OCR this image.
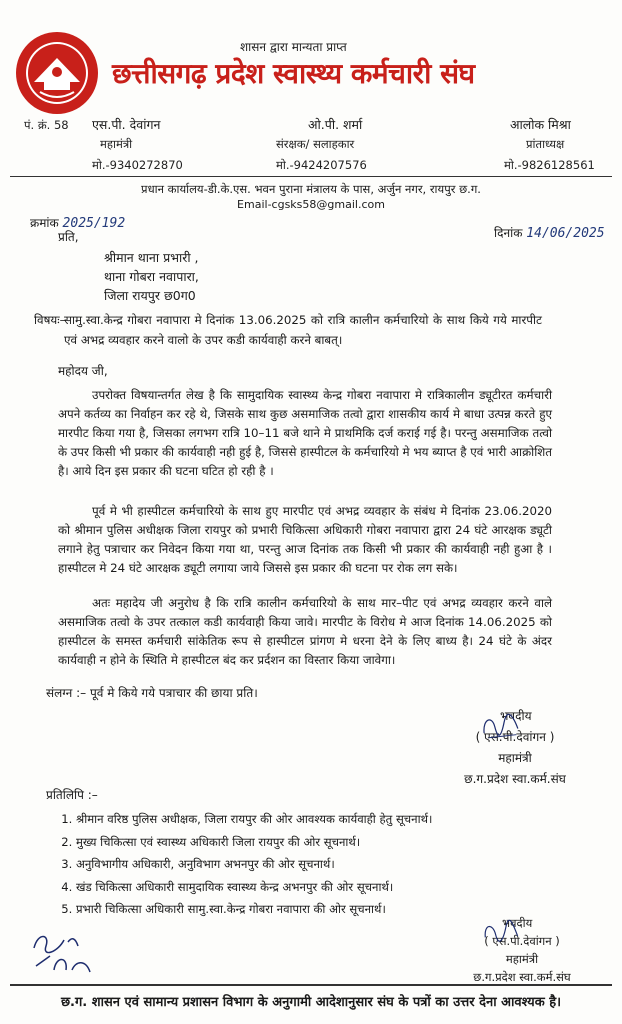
शासन द्वारा मान्यता प्राप्त
छत्तीसगढ़ प्रदेश स्वास्थ्य कर्मचारी संघ
पं. क्रं. 58 एस.पी. देवांगन
महामंत्री
मो.-9340272870
ओ.पी. शर्मा
संरक्षक/ सलाहकार
मो.-9424207576
आलोक मिश्रा
प्रांताध्यक्ष
मो.-9826128561
प्रधान कार्यालय-डी.के.एस. भवन पुराना मंत्रालय के पास, अर्जुन नगर, रायपुर छ.ग.
Email-cgsks58@gmail.com
क्रमांक 2025/192
प्रति,	दिनांक 14/06/2025
श्रीमान थाना प्रभारी ,
थाना गोबरा नवापारा,
जिला रायपुर छ0ग0
विषयः–
सामु.स्वा.केन्द्र गोबरा नवापारा मे दिनांक 13.06.2025 को रात्रि कालीन कर्मचारियो के साथ किये गये मारपीट एवं अभद्र व्यवहार करने वालो के उपर कडी कार्यवाही करने बाबत्।
महोदय जी,
उपरोक्त विषयान्तर्गत लेख है कि सामुदायिक स्वास्थ्य केन्द्र गोबरा नवापारा मे रात्रिकालीन ड्यूटीरत कर्मचारी अपने कर्तव्य का निर्वाहन कर रहे थे, जिसके साथ कुछ असमाजिक तत्वो द्वारा शासकीय कार्य मे बाधा उत्पन्न करते हुए मारपीट किया गया है, जिसका लगभग रात्रि 10–11 बजे थाने मे प्राथमिकि दर्ज कराई गई है। परन्तु असमाजिक तत्वो के उपर किसी भी प्रकार की कार्यवाही नही हुई है, जिससे हास्पीटल के कर्मचारियो मे भय ब्याप्त है एवं भारी आक्रोशित है। आये दिन इस प्रकार की घटना घटित हो रही है ।
पूर्व मे भी हास्पीटल कर्मचारियो के साथ हुए मारपीट एवं अभद्र व्यवहार के संबंध मे दिनांक 23.06.2020 को श्रीमान पुलिस अधीक्षक जिला रायपुर को प्रभारी चिकित्सा अधिकारी गोबरा नवापारा द्वारा 24 घंटे आरक्षक ड्यूटी लगाने हेतु पत्राचार कर निवेदन किया गया था, परन्तु आज दिनांक तक किसी भी प्रकार की कार्यवाही नही हुआ है । हास्पीटल मे 24 घंटे आरक्षक ड्यूटी लगाया जाये जिससे इस प्रकार की घटना पर रोक लग सके।
अतः महादेय जी अनुरोध है कि रात्रि कालीन कर्मचारियो के साथ मार–पीट एवं अभद्र व्यवहार करने वाले असमाजिक तत्वो के उपर तत्काल कडी कार्यवाही किया जावे। मारपीट के विरोध मे आज दिनांक 14.06.2025 को हास्पीटल के समस्त कर्मचारी सांकेतिक रूप से हास्पीटल प्रांगण मे धरना देने के लिए बाध्य है। 24 घंटे के अंदर कार्यवाही न होने के स्थिति मे हास्पीटल बंद कर प्रर्दशन का विस्तार किया जावेगा।
संलग्न :– पूर्व मे किये गये पत्राचार की छाया प्रति।
भवदीय
( एस.पी.देवांगन )
महामंत्री
छ.ग.प्रदेश स्वा.कर्म.संघ
प्रतिलिपि :–
1. श्रीमान वरिष्ठ पुलिस अधीक्षक, जिला रायपुर की ओर आवश्यक कार्यवाही हेतु सूचनार्थ।
2. मुख्य चिकित्सा एवं स्वास्थ्य अधिकारी जिला रायपुर की ओर सूचनार्थ।
3. अनुविभागीय अधिकारी, अनुविभाग अभनपुर की ओर सूचनार्थ।
4. खंड चिकित्सा अधिकारी सामुदायिक स्वास्थ्य केन्द्र अभनपुर की ओर सूचनार्थ।
5. प्रभारी चिकित्सा अधिकारी सामु.स्वा.केन्द्र गोबरा नवापारा की ओर सूचनार्थ।
भवदीय
( एस.पी.देवांगन )
महामंत्री
छ.ग.प्रदेश स्वा.कर्म.संघ
छ.ग. शासन एवं सामान्य प्रशासन विभाग के अनुगामी आदेशानुसार संघ के पत्रों का उत्तर देना आवश्यक है।
